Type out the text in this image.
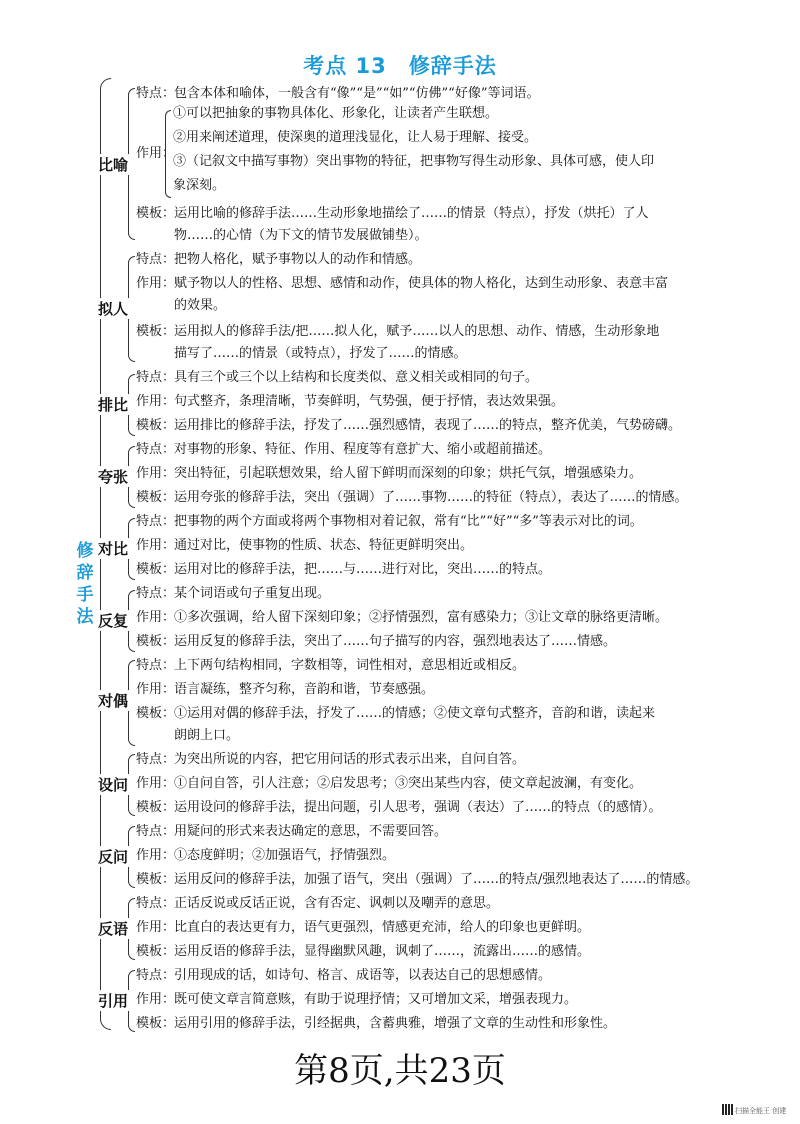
考点 13 修辞手法
修
辞
手
法
比喻
特点：包含本体和喻体，一般含有“像”“是”“如”“仿佛”“好像”等词语。
作用：
①可以把抽象的事物具体化、形象化，让读者产生联想。
②用来阐述道理，使深奥的道理浅显化，让人易于理解、接受。
③（记叙文中描写事物）突出事物的特征，把事物写得生动形象、具体可感，使人印
象深刻。
模板：运用比喻的修辞手法……生动形象地描绘了……的情景（特点），抒发（烘托）了人
物……的心情（为下文的情节发展做铺垫）。
拟人
特点：把物人格化，赋予事物以人的动作和情感。
作用：赋予物以人的性格、思想、感情和动作，使具体的物人格化，达到生动形象、表意丰富
的效果。
模板：运用拟人的修辞手法/把……拟人化，赋予……以人的思想、动作、情感，生动形象地
描写了……的情景（或特点），抒发了……的情感。
排比
特点：具有三个或三个以上结构和长度类似、意义相关或相同的句子。
作用：句式整齐，条理清晰，节奏鲜明，气势强，便于抒情，表达效果强。
模板：运用排比的修辞手法，抒发了……强烈感情，表现了……的特点，整齐优美，气势磅礴。
夸张
特点：对事物的形象、特征、作用、程度等有意扩大、缩小或超前描述。
作用：突出特征，引起联想效果，给人留下鲜明而深刻的印象；烘托气氛，增强感染力。
模板：运用夸张的修辞手法，突出（强调）了……事物……的特征（特点），表达了……的情感。
对比
特点：把事物的两个方面或将两个事物相对着记叙，常有“比”“好”“多”等表示对比的词。
作用：通过对比，使事物的性质、状态、特征更鲜明突出。
模板：运用对比的修辞手法，把……与……进行对比，突出……的特点。
反复
特点：某个词语或句子重复出现。
作用：①多次强调，给人留下深刻印象；②抒情强烈，富有感染力；③让文章的脉络更清晰。
模板：运用反复的修辞手法，突出了……句子描写的内容，强烈地表达了……情感。
对偶
特点：上下两句结构相同，字数相等，词性相对，意思相近或相反。
作用：语言凝练，整齐匀称，音韵和谐，节奏感强。
模板：①运用对偶的修辞手法，抒发了……的情感；②使文章句式整齐，音韵和谐，读起来
朗朗上口。
设问
特点：为突出所说的内容，把它用问话的形式表示出来，自问自答。
作用：①自问自答，引人注意；②启发思考；③突出某些内容，使文章起波澜，有变化。
模板：运用设问的修辞手法，提出问题，引人思考，强调（表达）了……的特点（的感情）。
反问
特点：用疑问的形式来表达确定的意思，不需要回答。
作用：①态度鲜明；②加强语气，抒情强烈。
模板：运用反问的修辞手法，加强了语气，突出（强调）了……的特点/强烈地表达了……的情感。
反语
特点：正话反说或反话正说，含有否定、讽刺以及嘲弄的意思。
作用：比直白的表达更有力，语气更强烈，情感更充沛，给人的印象也更鲜明。
模板：运用反语的修辞手法，显得幽默风趣，讽刺了……，流露出……的感情。
引用
特点：引用现成的话，如诗句、格言、成语等，以表达自己的思想感情。
作用：既可使文章言简意赅，有助于说理抒情；又可增加文采，增强表现力。
模板：运用引用的修辞手法，引经据典，含蓄典雅，增强了文章的生动性和形象性。
第8页,共23页
扫描全能王 创建
